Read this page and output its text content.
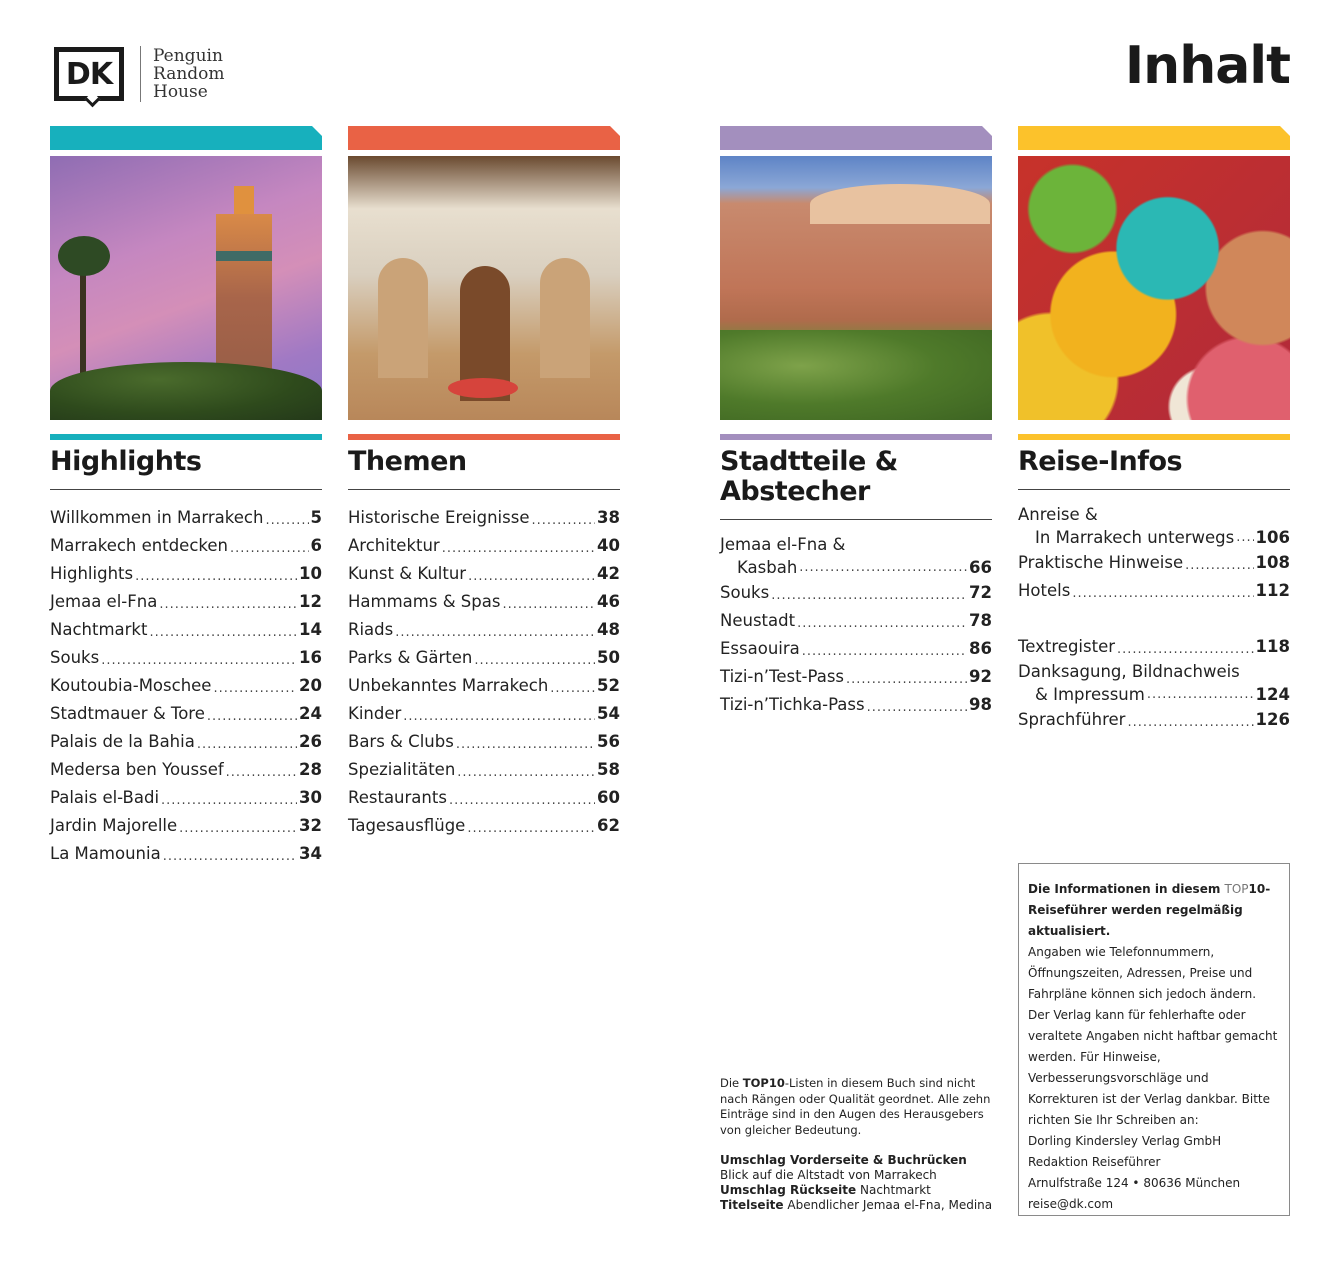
DK
Penguin
Random
House	Inhalt
Highlights
Willkommen in Marrakech .....	5
Marrakech entdecken .....	6
Highlights .....	10
Jemaa el-Fna .....	12
Nachtmarkt .....	14
Souks .....	16
Koutoubia-Moschee .....	20
Stadtmauer & Tore .....	24
Palais de la Bahia .....	26
Medersa ben Youssef .....	28
Palais el-Badi .....	30
Jardin Majorelle .....	32
La Mamounia .....	34
Themen
Historische Ereignisse .....	38
Architektur .....	40
Kunst & Kultur .....	42
Hammams & Spas .....	46
Riads .....	48
Parks & Gärten .....	50
Unbekanntes Marrakech .....	52
Kinder .....	54
Bars & Clubs .....	56
Spezialitäten .....	58
Restaurants .....	60
Tagesausflüge .....	62
Stadtteile &
Abstecher
Jemaa el-Fna &
Kasbah .....	66
Souks .....	72
Neustadt .....	78
Essaouira .....	86
Tizi-n’Test-Pass .....	92
Tizi-n’Tichka-Pass .....	98
Reise-Infos
Anreise &
In Marrakech unterwegs ..... 106
Praktische Hinweise .....	108
Hotels .....	112
Textregister .....	118
Danksagung, Bildnachweis
& Impressum .....	124
Sprachführer .....	126

Die TOP10-Listen in diesem Buch sind nicht nach Rängen oder Qualität geordnet. Alle zehn Einträge sind in den Augen des Herausgebers von gleicher Bedeutung.

Umschlag Vorderseite & Buchrücken
Blick auf die Altstadt von Marrakech
Umschlag Rückseite Nachtmarkt
Titelseite Abendlicher Jemaa el-Fna, Medina

Die Informationen in diesem TOP10-Reiseführer werden regelmäßig aktualisiert.

Angaben wie Telefonnummern, Öffnungszeiten, Adressen, Preise und Fahrpläne können sich jedoch ändern. Der Verlag kann für fehlerhafte oder veraltete Angaben nicht haftbar gemacht werden. Für Hinweise, Verbesserungsvorschläge und Korrekturen ist der Verlag dankbar. Bitte richten Sie Ihr Schreiben an:

Dorling Kindersley Verlag GmbH
Redaktion Reiseführer
Arnulfstraße 124 • 80636 München
reise@dk.com
